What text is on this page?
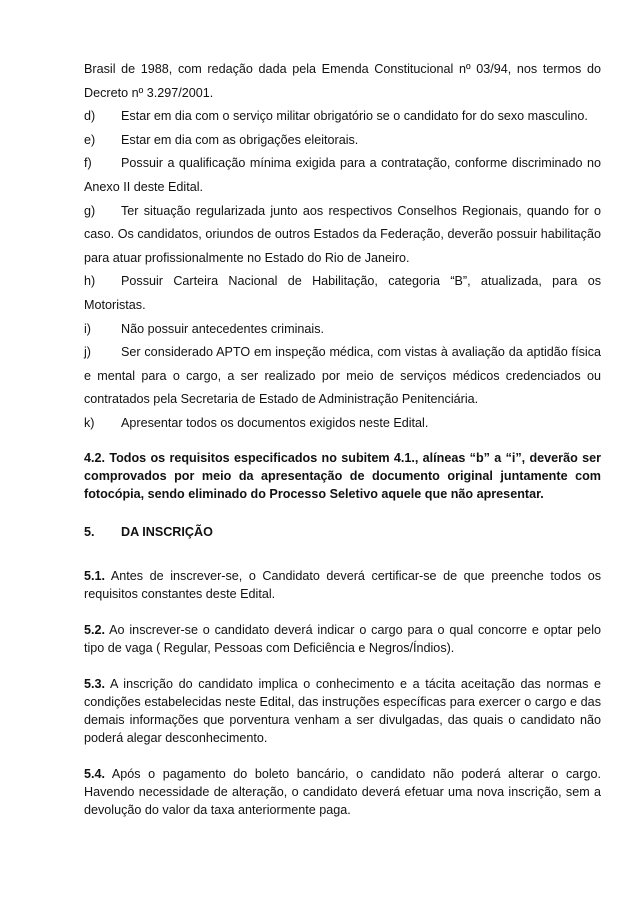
Brasil de 1988, com redação dada pela Emenda Constitucional nº 03/94, nos termos do Decreto nº 3.297/2001.

d)	Estar em dia com o serviço militar obrigatório se o candidato for do sexo masculino.
e)	Estar em dia com as obrigações eleitorais.
f) Possuir a qualificação mínima exigida para a contratação, conforme discriminado no Anexo II deste Edital.
g) Ter situação regularizada junto aos respectivos Conselhos Regionais, quando for o caso. Os candidatos, oriundos de outros Estados da Federação, deverão possuir habilitação para atuar profissionalmente no Estado do Rio de Janeiro.
h) Possuir Carteira Nacional de Habilitação, categoria “B”, atualizada, para os Motoristas.
i)	Não possuir antecedentes criminais.
j) Ser considerado APTO em inspeção médica, com vistas à avaliação da aptidão física e mental para o cargo, a ser realizado por meio de serviços médicos credenciados ou contratados pela Secretaria de Estado de Administração Penitenciária.
k)	Apresentar todos os documentos exigidos neste Edital.

4.2. Todos os requisitos especificados no subitem 4.1., alíneas “b” a “i”, deverão ser comprovados por meio da apresentação de documento original juntamente com fotocópia, sendo eliminado do Processo Seletivo aquele que não apresentar.

5.	DA INSCRIÇÃO

5.1. Antes de inscrever-se, o Candidato deverá certificar-se de que preenche todos os requisitos constantes deste Edital.

5.2. Ao inscrever-se o candidato deverá indicar o cargo para o qual concorre e optar pelo tipo de vaga ( Regular, Pessoas com Deficiência e Negros/Índios).

5.3. A inscrição do candidato implica o conhecimento e a tácita aceitação das normas e condições estabelecidas neste Edital, das instruções específicas para exercer o cargo e das demais informações que porventura venham a ser divulgadas, das quais o candidato não poderá alegar desconhecimento.

5.4. Após o pagamento do boleto bancário, o candidato não poderá alterar o cargo. Havendo necessidade de alteração, o candidato deverá efetuar uma nova inscrição, sem a devolução do valor da taxa anteriormente paga.
